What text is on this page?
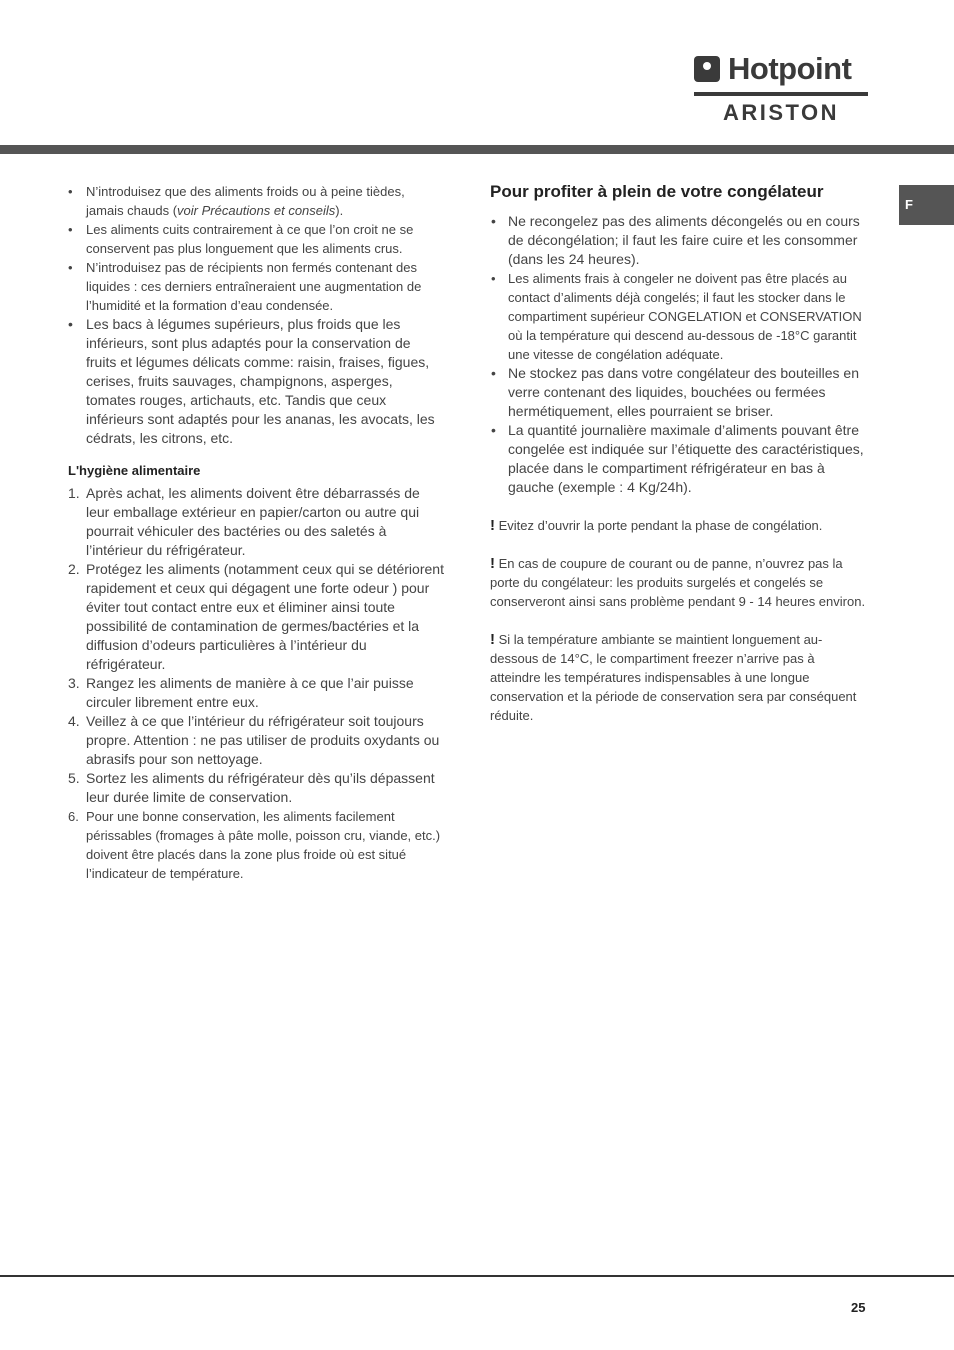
Hotpoint
ARISTON
F
• N’introduisez que des aliments froids ou à peine tièdes, jamais chauds (voir Précautions et conseils).
• Les aliments cuits contrairement à ce que l’on croit ne se conservent pas plus longuement que les aliments crus.
• N’introduisez pas de récipients non fermés contenant des liquides : ces derniers entraîneraient une augmentation de l’humidité et la formation d’eau condensée.
• Les bacs à légumes supérieurs, plus froids que les inférieurs, sont plus adaptés pour la conservation de fruits et légumes délicats comme: raisin, fraises, figues, cerises, fruits sauvages, champignons, asperges, tomates rouges, artichauts, etc. Tandis que ceux inférieurs sont adaptés pour les ananas, les avocats, les cédrats, les citrons, etc.
L'hygiène alimentaire
1. Après achat, les aliments doivent être débarrassés de leur emballage extérieur en papier/carton ou autre qui pourrait véhiculer des bactéries ou des saletés à l’intérieur du réfrigérateur.
2. Protégez les aliments (notamment ceux qui se détériorent rapidement et ceux qui dégagent une forte odeur ) pour éviter tout contact entre eux et éliminer ainsi toute possibilité de contamination de germes/bactéries et la diffusion d’odeurs particulières à l’intérieur du réfrigérateur.
3. Rangez les aliments de manière à ce que l’air puisse circuler librement entre eux.
4. Veillez à ce que l’intérieur du réfrigérateur soit toujours propre. Attention : ne pas utiliser de produits oxydants ou abrasifs pour son nettoyage.
5. Sortez les aliments du réfrigérateur dès qu’ils dépassent leur durée limite de conservation.
6. Pour une bonne conservation, les aliments facilement périssables (fromages à pâte molle, poisson cru, viande, etc.) doivent être placés dans la zone plus froide où est situé l’indicateur de température.
Pour profiter à plein de votre congélateur
• Ne recongelez pas des aliments décongelés ou en cours de décongélation; il faut les faire cuire et les consommer (dans les 24 heures).
• Les aliments frais à congeler ne doivent pas être placés au contact d’aliments déjà congelés; il faut les stocker dans le compartiment supérieur CONGELATION et CONSERVATION où la température qui descend au-dessous de -18°C garantit une vitesse de congélation adéquate.
• Ne stockez pas dans votre congélateur des bouteilles en verre contenant des liquides, bouchées ou fermées hermétiquement, elles pourraient se briser.
• La quantité journalière maximale d’aliments pouvant être congelée est indiquée sur l’étiquette des caractéristiques, placée dans le compartiment réfrigérateur en bas à gauche (exemple : 4 Kg/24h).

! Evitez d’ouvrir la porte pendant la phase de congélation.

! En cas de coupure de courant ou de panne, n’ouvrez pas la porte du congélateur: les produits surgelés et congelés se conserveront ainsi sans problème pendant 9 - 14 heures environ.

! Si la température ambiante se maintient longuement au-dessous de 14°C, le compartiment freezer n’arrive pas à atteindre les températures indispensables à une longue conservation et la période de conservation sera par conséquent réduite.

25
